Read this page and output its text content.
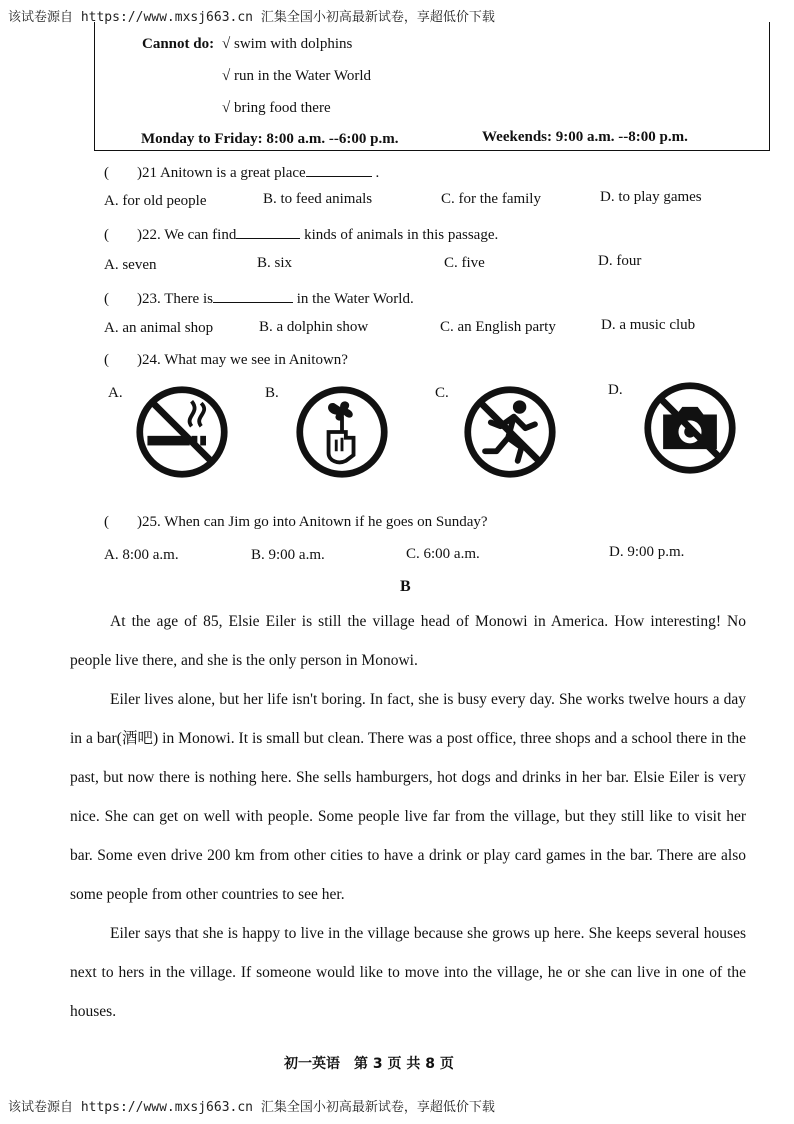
该试卷源自 https://www.mxsj663.cn 汇集全国小初高最新试卷，享超低价下载
Cannot do: √ swim with dolphins
√ run in the Water World
√ bring food there
Monday to Friday: 8:00 a.m. --6:00 p.m.	Weekends: 9:00 a.m. --8:00 p.m.
( )21 Anitown is a great place	.
A. for old people	B. to feed animals	C. for the family	D. to play games
( )22. We can find	kinds of animals in this passage.
A. seven	B. six	C. five	D. four
( )23. There is	in the Water World.
A. an animal shop	B. a dolphin show	C. an English party	D. a music club
( )24. What may we see in Anitown?
A.	B.	C.	D.
( )25. When can Jim go into Anitown if he goes on Sunday?
A. 8:00 a.m.	B. 9:00 a.m.	C. 6:00 a.m.	D. 9:00 p.m.
B
At the age of 85, Elsie Eiler is still the village head of Monowi in America. How interesting! No people live there, and she is the only person in Monowi.
Eiler lives alone, but her life isn't boring. In fact, she is busy every day. She works twelve hours a day in a bar(酒吧) in Monowi. It is small but clean. There was a post office, three shops and a school there in the past, but now there is nothing here. She sells hamburgers, hot dogs and drinks in her bar. Elsie Eiler is very nice. She can get on well with people. Some people live far from the village, but they still like to visit her bar. Some even drive 200 km from other cities to have a drink or play card games in the bar. There are also some people from other countries to see her.
Eiler says that she is happy to live in the village because she grows up here. She keeps several houses next to hers in the village. If someone would like to move into the village, he or she can live in one of the houses.
初一英语　第 3 页 共 8 页
该试卷源自 https://www.mxsj663.cn 汇集全国小初高最新试卷，享超低价下载
